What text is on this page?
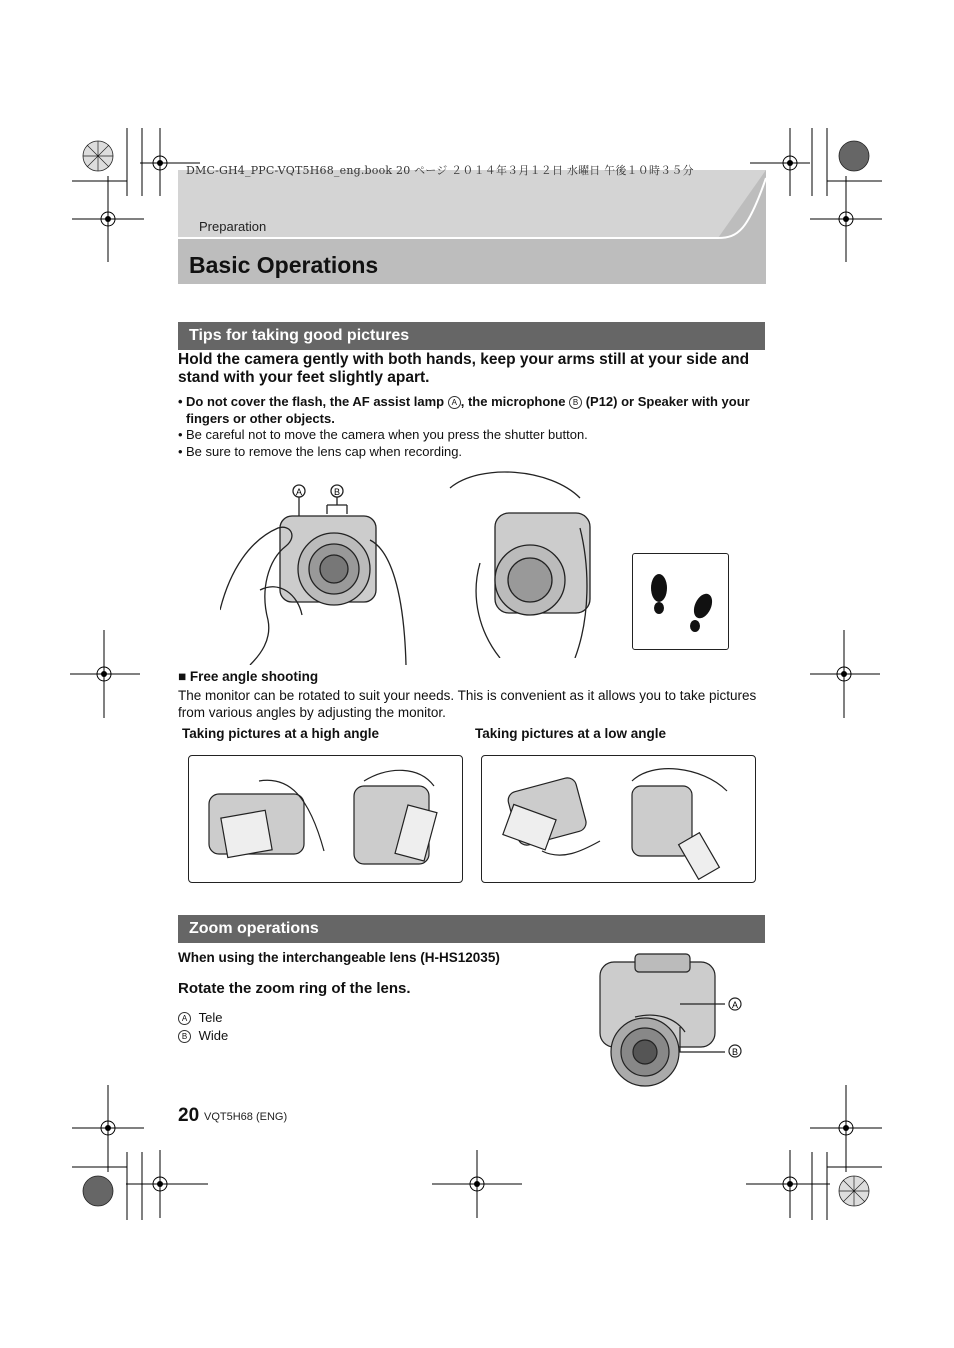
DMC-GH4_PPC-VQT5H68_eng.book 20 ページ ２０１４年３月１２日 水曜日 午後１０時３５分
Preparation
Basic Operations
Tips for taking good pictures
Hold the camera gently with both hands, keep your arms still at your side and stand with your feet slightly apart.
• Do not cover the flash, the AF assist lamp A , the microphone B (P12) or Speaker with your fingers or other objects.
• Be careful not to move the camera when you press the shutter button.
• Be sure to remove the lens cap when recording.
A	B
■ Free angle shooting
The monitor can be rotated to suit your needs. This is convenient as it allows you to take pictures from various angles by adjusting the monitor.
Taking pictures at a high angle	Taking pictures at a low angle
Zoom operations
When using the interchangeable lens (H-HS12035)
Rotate the zoom ring of the lens.
A Tele
B Wide
A
B
20 VQT5H68 (ENG)
